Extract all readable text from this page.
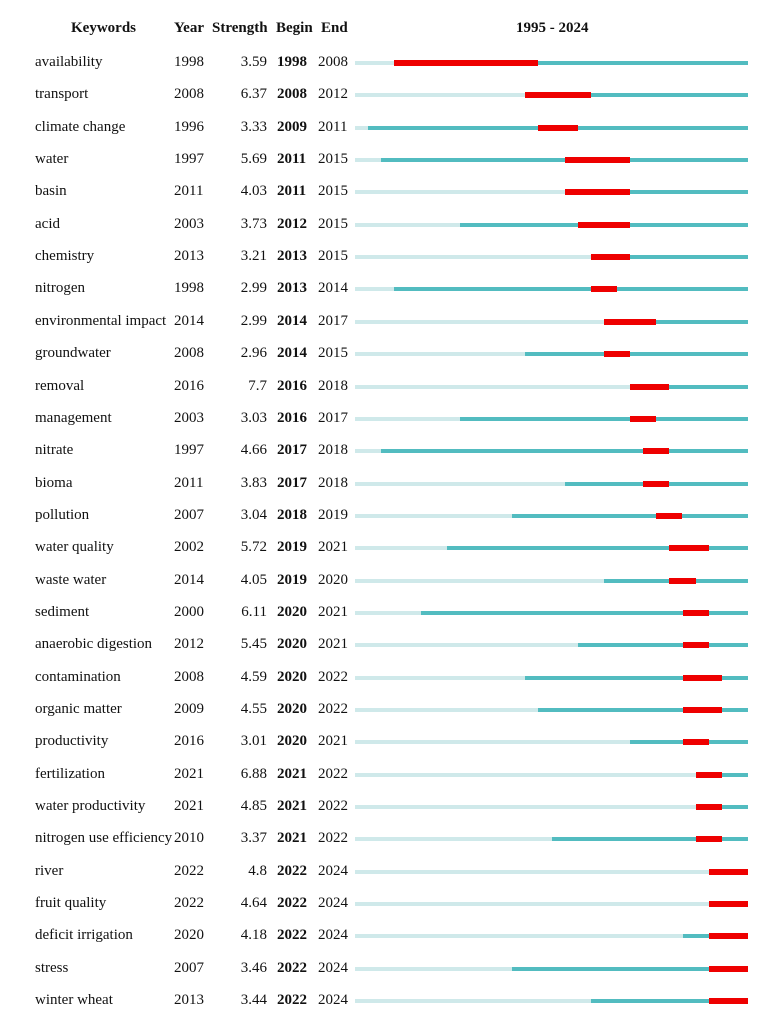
Keywords	Year Strength Begin End	1995 - 2024
availability	1998	3.59 1998 2008
transport	2008	6.37 2008 2012
climate change	1996	3.33 2009 2011
water	1997	5.69 2011 2015
basin	2011	4.03 2011 2015
acid	2003	3.73 2012 2015
chemistry	2013	3.21 2013 2015
nitrogen	1998	2.99 2013 2014
environmental impact 2014	2.99 2014 2017
groundwater	2008	2.96 2014 2015
removal	2016	7.7 2016 2018
management	2003	3.03 2016 2017
nitrate	1997	4.66 2017 2018
bioma	2011	3.83 2017 2018
pollution	2007	3.04 2018 2019
water quality	2002	5.72 2019 2021
waste water	2014	4.05 2019 2020
sediment	2000	6.11 2020 2021
anaerobic digestion 2012	5.45 2020 2021
contamination	2008	4.59 2020 2022
organic matter	2009	4.55 2020 2022
productivity	2016	3.01 2020 2021
fertilization	2021	6.88 2021 2022
water productivity 2021	4.85 2021 2022
nitrogen use efficiency 2010	3.37 2021 2022
river	2022	4.8 2022 2024
fruit quality	2022	4.64 2022 2024
deficit irrigation	2020	4.18 2022 2024
stress	2007	3.46 2022 2024
winter wheat	2013	3.44 2022 2024
